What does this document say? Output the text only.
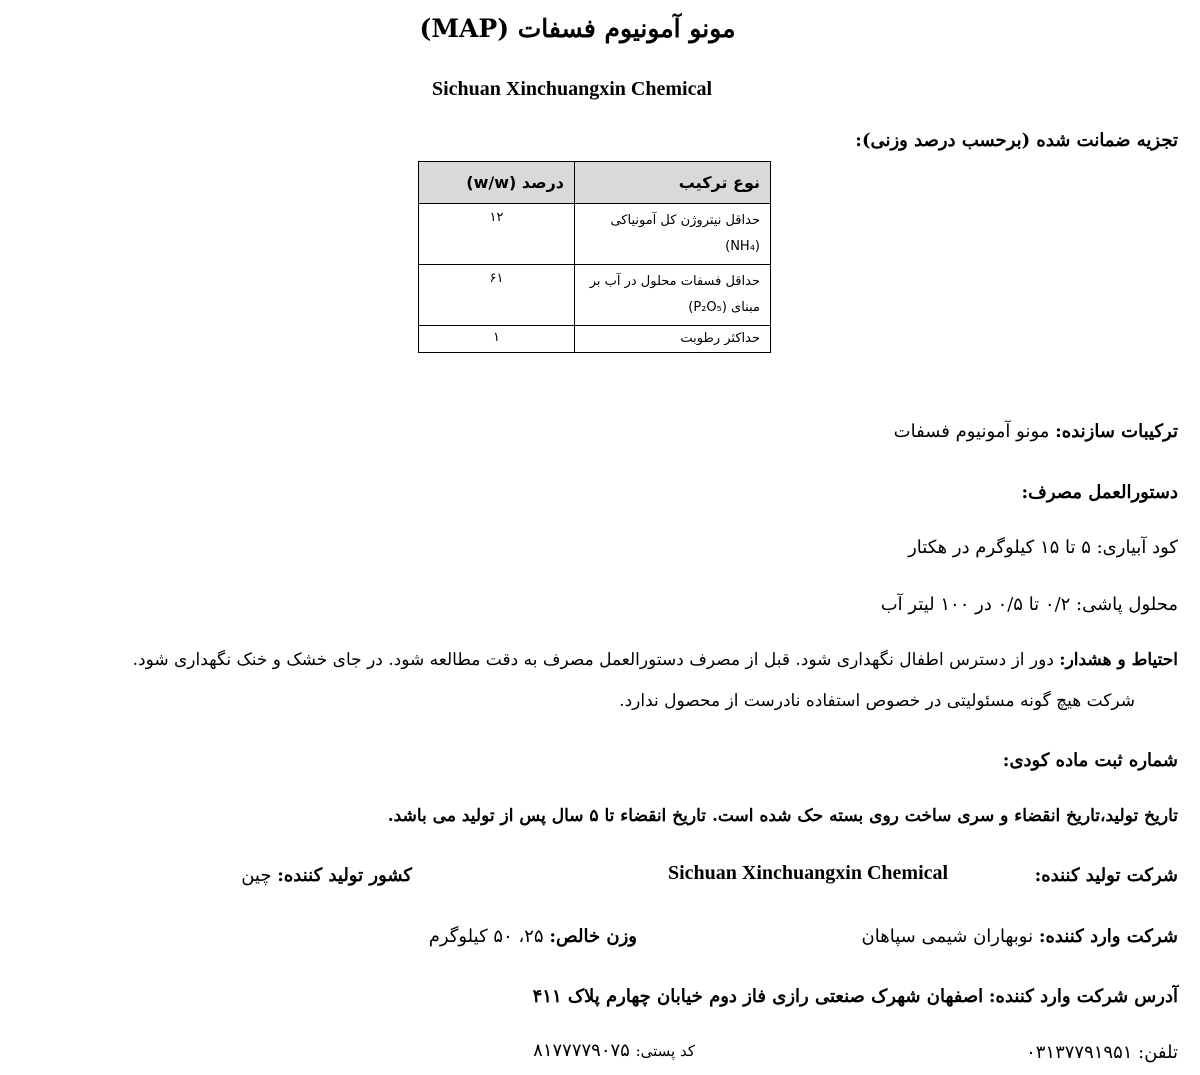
مونو آمونیوم فسفات (MAP)
Sichuan Xinchuangxin Chemical
تجزیه ضمانت شده (برحسب درصد وزنی):
نوع ترکیب	درصد (w/w)
حداقل نیتروژن کل آمونیاکی (NH₄)	۱۲
حداقل فسفات محلول در آب بر مبنای (P₂O₅)	۶۱
حداکثر رطوبت	۱
ترکیبات سازنده: مونو آمونیوم فسفات
دستورالعمل مصرف:
کود آبیاری: ۵ تا ۱۵ کیلوگرم در هکتار
محلول پاشی: ۰/۲ تا ۰/۵ در ۱۰۰ لیتر آب
احتیاط و هشدار: دور از دسترس اطفال نگهداری شود. قبل از مصرف دستورالعمل مصرف به دقت مطالعه شود. در جای خشک و خنک نگهداری شود.
شرکت هیچ گونه مسئولیتی در خصوص استفاده نادرست از محصول ندارد.
شماره ثبت ماده کودی:
تاریخ تولید،تاریخ انقضاء و سری ساخت روی بسته حک شده است. تاریخ انقضاء تا ۵ سال پس از تولید می باشد.
شرکت تولید کننده:
Sichuan Xinchuangxin Chemical
کشور تولید کننده: چین
شرکت وارد کننده: نوبهاران شیمی سپاهان
وزن خالص: ۲۵، ۵۰ کیلوگرم
آدرس شرکت وارد کننده: اصفهان شهرک صنعتی رازی فاز دوم خیابان چهارم پلاک ۴۱۱
تلفن: ۰۳۱۳۷۷۹۱۹۵۱
کد پستی: ۸۱۷۷۷۷۹۰۷۵
